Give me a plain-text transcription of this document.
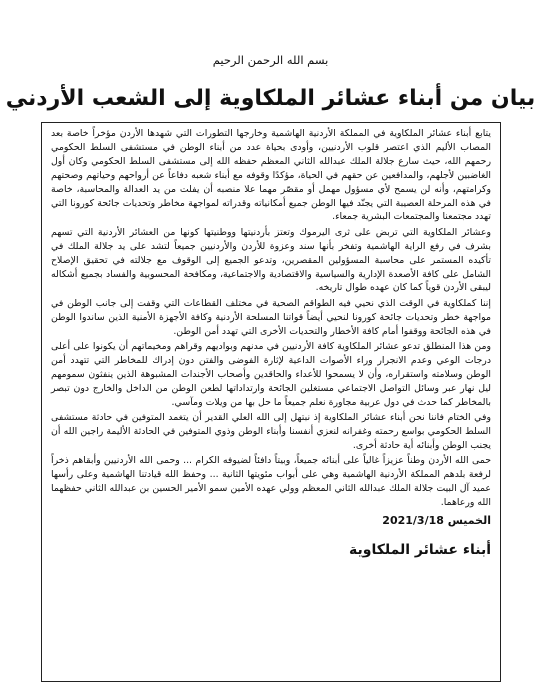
بسم الله الرحمن الرحيم
بيان من أبناء عشائر الملكاوية إلى الشعب الأردني

يتابع أبناء عشائر الملكاوية في المملكة الأردنية الهاشمية وخارجها التطورات التي شهدها الأردن مؤخراً خاصة بعد المصاب الأليم الذي اعتصر قلوب الأردنيين، وأودى بحياة عدد من أبناء الوطن في مستشفى السلط الحكومي رحمهم الله، حيث سارع جلالة الملك عبدالله الثاني المعظم حفظه الله إلى مستشفى السلط الحكومي وكان أول الغاضبين لأجلهم، والمدافعين عن حقهم في الحياة، مؤكدًا وقوفه مع أبناء شعبه دفاعاً عن أرواحهم وحياتهم وصحتهم وكرامتهم، وأنه لن يسمح لأي مسؤول مهمل أو مقصّر مهما علا منصبه أن يفلت من يد العدالة والمحاسبة، خاصة في هذه المرحلة العصيبة التي يجنّد فيها الوطن جميع أمكانياته وقدراته لمواجهة مخاطر وتحديات جائحة كورونا التي تهدد مجتمعنا والمجتمعات البشرية جمعاء.

وعشائر الملكاوية التي تربض على ثرى اليرموك وتعتز بأردنيتها ووطنيتها كونها من العشائر الأردنية التي تسهم بشرف في رفع الراية الهاشمية وتفخر بأنها سند وعزوة للأردن والأردنيين جميعاً لتشد على يد جلالة الملك في تأكيده المستمر على محاسبة المسؤولين المقصرين، وتدعو الجميع إلى الوقوف مع جلالته في تحقيق الإصلاح الشامل على كافة الأصعدة الإدارية والسياسية والاقتصادية والاجتماعية، ومكافحة المحسوبية والفساد بجميع أشكاله ليبقى الأردن قوياً كما كان عهده طوال تاريخه.

إننا كملكاوية في الوقت الذي نحيي فيه الطواقم الصحية في مختلف القطاعات التي وقفت إلى جانب الوطن في مواجهة خطر وتحديات جائحة كورونا لنحيي أيضاً قواتنا المسلحة الأردنية وكافة الأجهزة الأمنية الذين ساندوا الوطن في هذه الجائحة ووقفوا أمام كافة الأخطار والتحديات الأخرى التي تهدد أمن الوطن.

ومن هذا المنطلق تدعو عشائر الملكاوية كافة الأردنيين في مدنهم وبواديهم وقراهم ومخيماتهم أن يكونوا على أعلى درجات الوعي وعدم الانجرار وراء الأصوات الداعية لإثارة الفوضى والفتن دون إدراك للمخاطر التي تتهدد أمن الوطن وسلامته واستقراره، وأن لا يسمحوا للأعداء والحاقدين وأصحاب الأجندات المشبوهة الذين ينفثون سمومهم ليل نهار عبر وسائل التواصل الاجتماعي مستغلين الجائحة وارتداداتها لطعن الوطن من الداخل والخارج دون تبصر بالمخاطر كما حدث في دول عربية مجاورة نعلم جميعاً ما حل بها من ويلات ومآسي.

وفي الختام فاننا نحن أبناء عشائر الملكاوية إذ نبتهل إلى الله العلي القدير أن يتغمد المتوفين في حادثة مستشفى السلط الحكومي بواسع رحمته وغفرانه لنعزي أنفسنا وأبناء الوطن وذوي المتوفين في الحادثة الأليمة راجين الله أن يجنب الوطن وأبنائه أية حادثة أخرى.

حمى الله الأردن وطناً عزيزاً غالياً على أبنائه جميعاً، وبيتاً دافئاً لضيوفه الكرام ... وحمى الله الأردنيين وأبقاهم ذخراً لرفعة بلدهم المملكة الأردنية الهاشمية وهي على أبواب مئويتها الثانية ... وحفظ الله قيادتنا الهاشمية وعلى رأسها عميد آل البيت جلالة الملك عبدالله الثاني المعظم وولي عهده الأمين سمو الأمير الحسين بن عبدالله الثاني حفظهما الله ورعاهما.

الخميس 2021/3/18
أبناء عشائر الملكاوية
